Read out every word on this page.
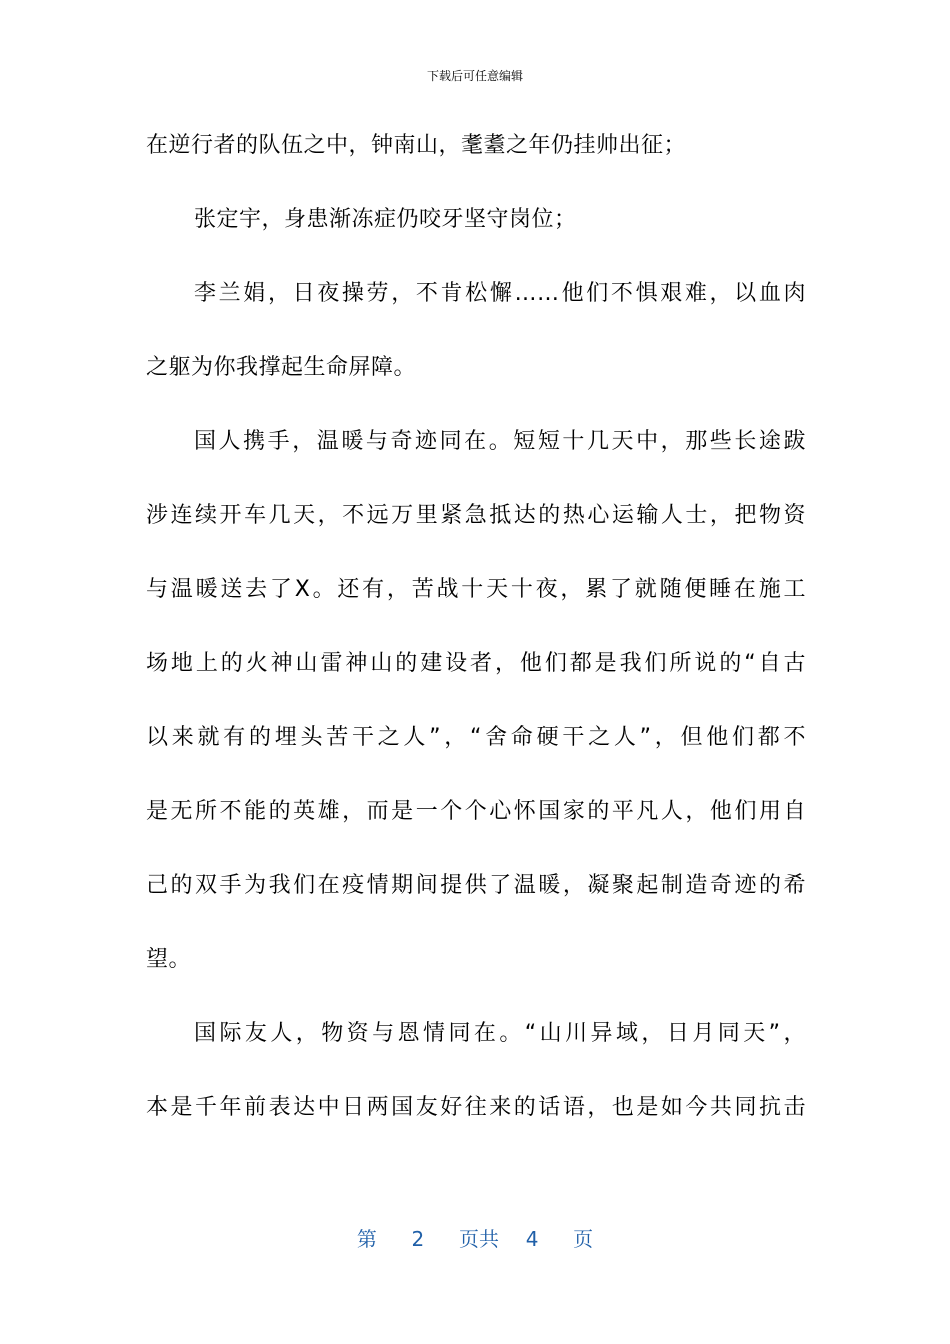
下载后可任意编辑
在逆行者的队伍之中，钟南山，耄耋之年仍挂帅出征；
张定宇，身患渐冻症仍咬牙坚守岗位；
李兰娟，日夜操劳，不肯松懈……他们不惧艰难，以血肉
之躯为你我撑起生命屏障。
国人携手，温暖与奇迹同在。短短十几天中，那些长途跋
涉连续开车几天，不远万里紧急抵达的热心运输人士，把物资
与温暖送去了X。还有，苦战十天十夜，累了就随便睡在施工
场地上的火神山雷神山的建设者，他们都是我们所说的“自古
以来就有的埋头苦干之人”，“舍命硬干之人”，但他们都不
是无所不能的英雄，而是一个个心怀国家的平凡人，他们用自
己的双手为我们在疫情期间提供了温暖，凝聚起制造奇迹的希
望。
国际友人，物资与恩情同在。“山川异域，日月同天”，
本是千年前表达中日两国友好往来的话语，也是如今共同抗击
第 2 页共 4 页
